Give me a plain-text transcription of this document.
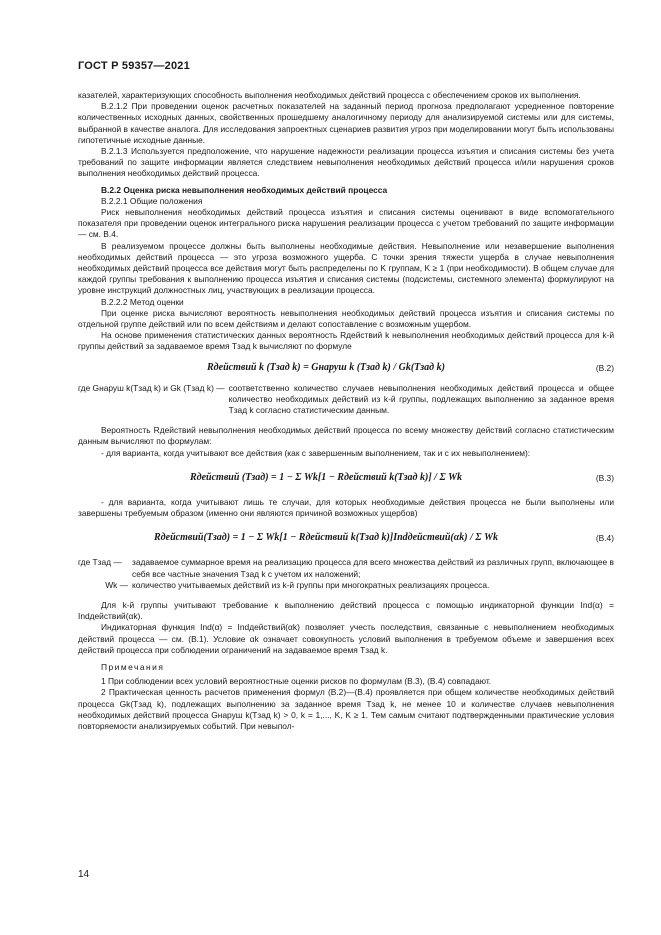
ГОСТ Р 59357—2021

казателей, характеризующих способность выполнения необходимых действий процесса с обеспечением сроков их выполнения.

В.2.1.2 При проведении оценок расчетных показателей на заданный период прогноза предполагают усредненное повторение количественных исходных данных, свойственных прошедшему аналогичному периоду для анализируемой системы или для системы, выбранной в качестве аналога. Для исследования запроектных сценариев развития угроз при моделировании могут быть использованы гипотетичные исходные данные.

В.2.1.3 Используется предположение, что нарушение надежности реализации процесса изъятия и списания системы без учета требований по защите информации является следствием невыполнения необходимых действий процесса и/или нарушения сроков выполнения необходимых действий процесса.

В.2.2 Оценка риска невыполнения необходимых действий процесса

В.2.2.1 Общие положения

Риск невыполнения необходимых действий процесса изъятия и списания системы оценивают в виде вспомогательного показателя при проведении оценок интегрального риска нарушения реализации процесса с учетом требований по защите информации — см. В.4.

В реализуемом процессе должны быть выполнены необходимые действия. Невыполнение или незавершение выполнения необходимых действий процесса — это угроза возможного ущерба. С точки зрения тяжести ущерба в случае невыполнения необходимых действий процесса все действия могут быть распределены по K группам, K ≥ 1 (при необходимости). В общем случае для каждой группы требования к выполнению процесса изъятия и списания системы (подсистемы, системного элемента) формулируют на уровне инструкций должностных лиц, участвующих в реализации процесса.

В.2.2.2 Метод оценки

При оценке риска вычисляют вероятность невыполнения необходимых действий процесса изъятия и списания системы по отдельной группе действий или по всем действиям и делают сопоставление с возможным ущербом.

На основе применения статистических данных вероятность Rдействий k невыполнения необходимых действий процесса для k-й группы действий за задаваемое время Tзад k вычисляют по формуле

Rдействий k (Tзад k) = Gнаруш k (Tзад k) / Gk(Tзад k)	(В.2)
где Gнаруш k(Tзад k) и Gk (Tзад k) — соответственно количество случаев невыполнения необходимых действий процесса и общее количество необходимых действий из k-й группы, подлежащих выполнению за заданное время Tзад k согласно статистическим данным.

Вероятность Rдействий невыполнения необходимых действий процесса по всему множеству действий согласно статистическим данным вычисляют по формулам:

- для варианта, когда учитывают все действия (как с завершенным выполнением, так и с их невыполнением):

Rдействий (Tзад) = 1 − Σ Wk[1 − Rдействий k(Tзад k)] / Σ Wk	(В.3)

- для варианта, когда учитывают лишь те случаи, для которых необходимые действия процесса не были выполнены или завершены требуемым образом (именно они являются причиной возможных ущербов)

Rдействий(Tзад) = 1 − Σ Wk[1 − Rдействий k(Tзад k)]Indдействий(αk) / Σ Wk	(В.4)
где Tзад —	задаваемое суммарное время на реализацию процесса для всего множества действий из различных групп, включающее в себя все частные значения Tзад k с учетом их наложений;
Wk — количество учитываемых действий из k-й группы при многократных реализациях процесса.

Для k-й группы учитывают требование к выполнению действий процесса с помощью индикаторной функции Ind(α) = Indдействий(αk).

Индикаторная функция Ind(α) = Indдействий(αk) позволяет учесть последствия, связанные с невыполнением необходимых действий процесса — см. (В.1). Условие αk означает совокупность условий выполнения в требуемом объеме и завершения всех действий процесса при соблюдении ограничений на задаваемое время Tзад k.

Примечания

1 При соблюдении всех условий вероятностные оценки рисков по формулам (В.3), (В.4) совпадают.

2 Практическая ценность расчетов применения формул (В.2)—(В.4) проявляется при общем количестве необходимых действий процесса Gk(Tзад k), подлежащих выполнению за заданное время Tзад k, не менее 10 и количестве случаев невыполнения необходимых действий процесса Gнаруш k(Tзад k) > 0, k = 1,..., K, K ≥ 1. Тем самым считают подтвержденными практические условия повторяемости анализируемых событий. При невыпол-

14
